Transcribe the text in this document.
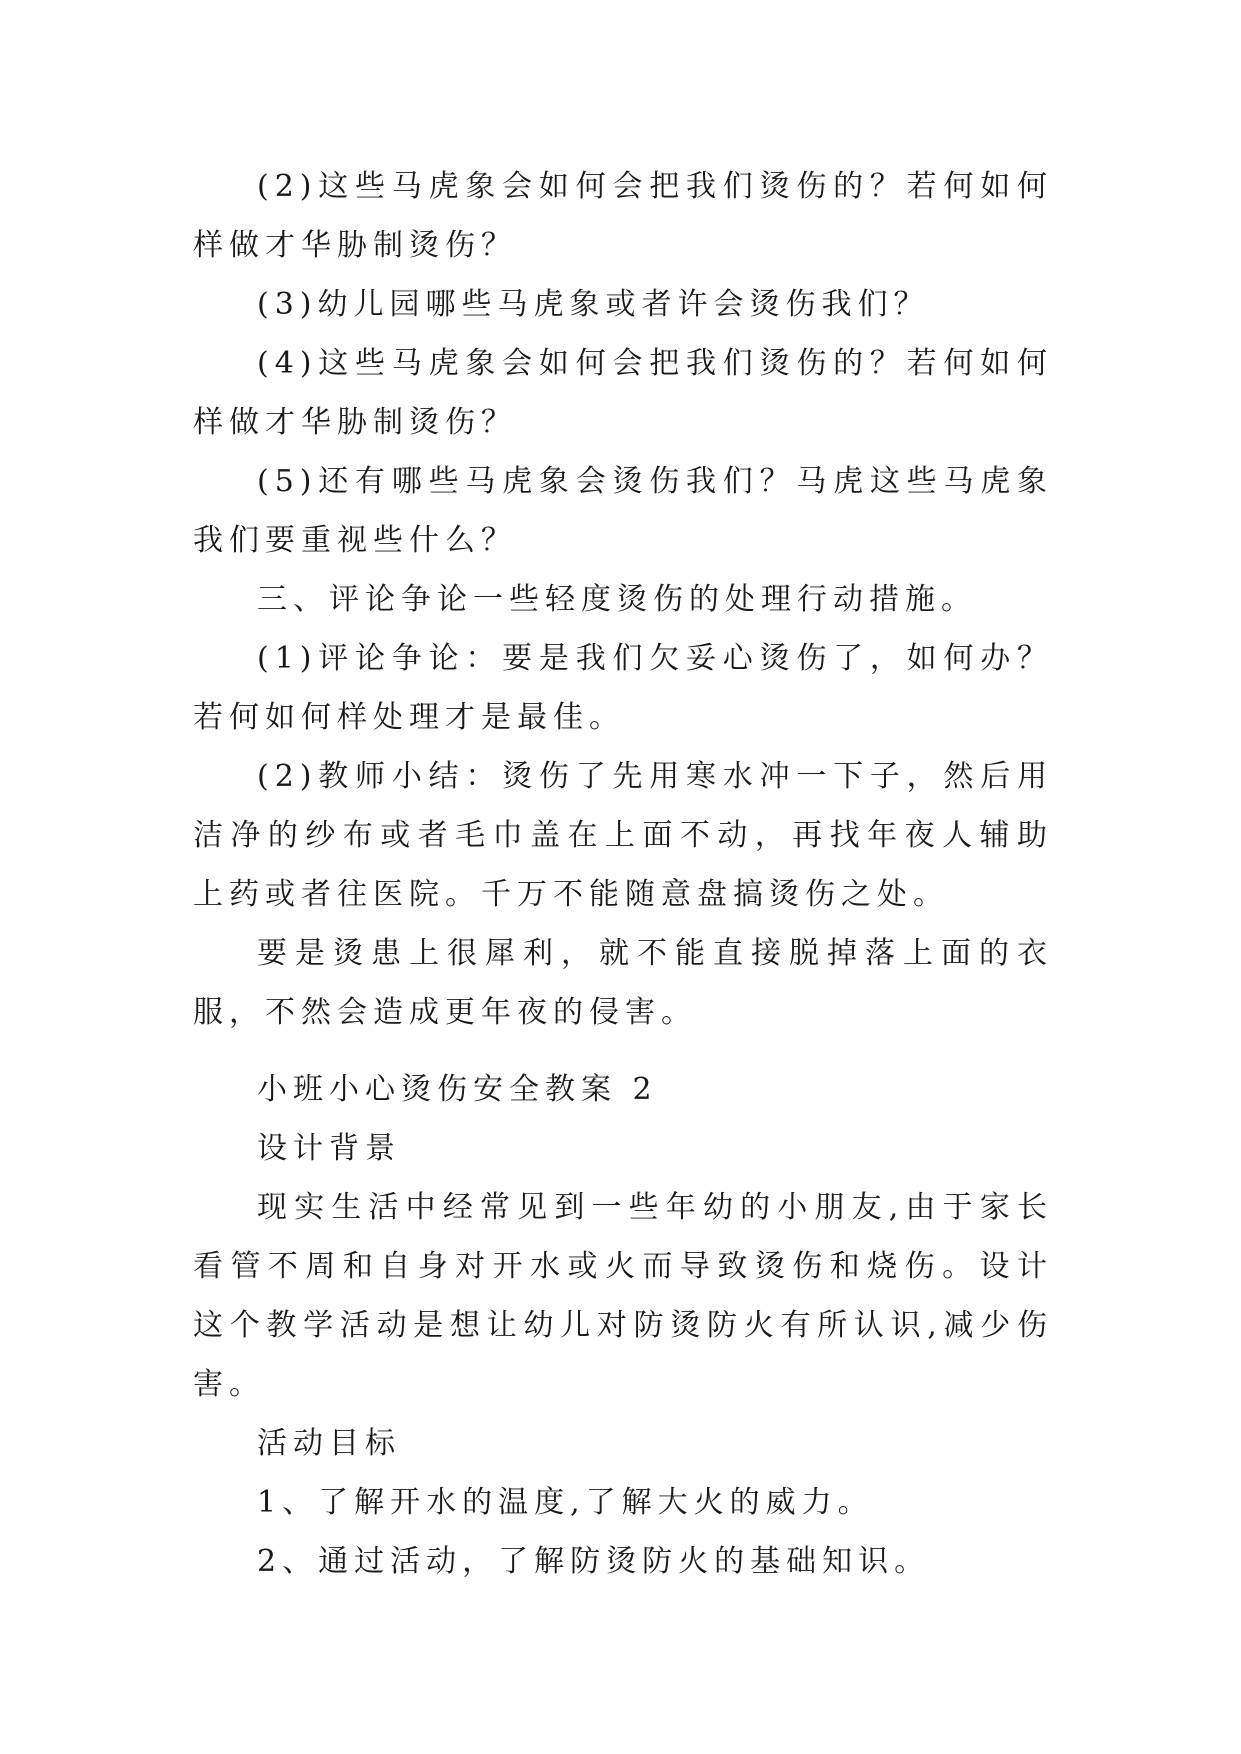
(2)这些马虎象会如何会把我们烫伤的？若何如何样做才华胁制烫伤？

(3)幼儿园哪些马虎象或者许会烫伤我们？

(4)这些马虎象会如何会把我们烫伤的？若何如何样做才华胁制烫伤？

(5)还有哪些马虎象会烫伤我们？马虎这些马虎象我们要重视些什么？

三、评论争论一些轻度烫伤的处理行动措施。

(1)评论争论：要是我们欠妥心烫伤了，如何办？若何如何样处理才是最佳。

(2)教师小结：烫伤了先用寒水冲一下子，然后用洁净的纱布或者毛巾盖在上面不动，再找年夜人辅助上药或者往医院。千万不能随意盘搞烫伤之处。

要是烫患上很犀利，就不能直接脱掉落上面的衣服，不然会造成更年夜的侵害。

小班小心烫伤安全教案 2

设计背景

现实生活中经常见到一些年幼的小朋友,由于家长看管不周和自身对开水或火而导致烫伤和烧伤。设计这个教学活动是想让幼儿对防烫防火有所认识,减少伤害。

活动目标

1、了解开水的温度,了解大火的威力。

2、通过活动，了解防烫防火的基础知识。
